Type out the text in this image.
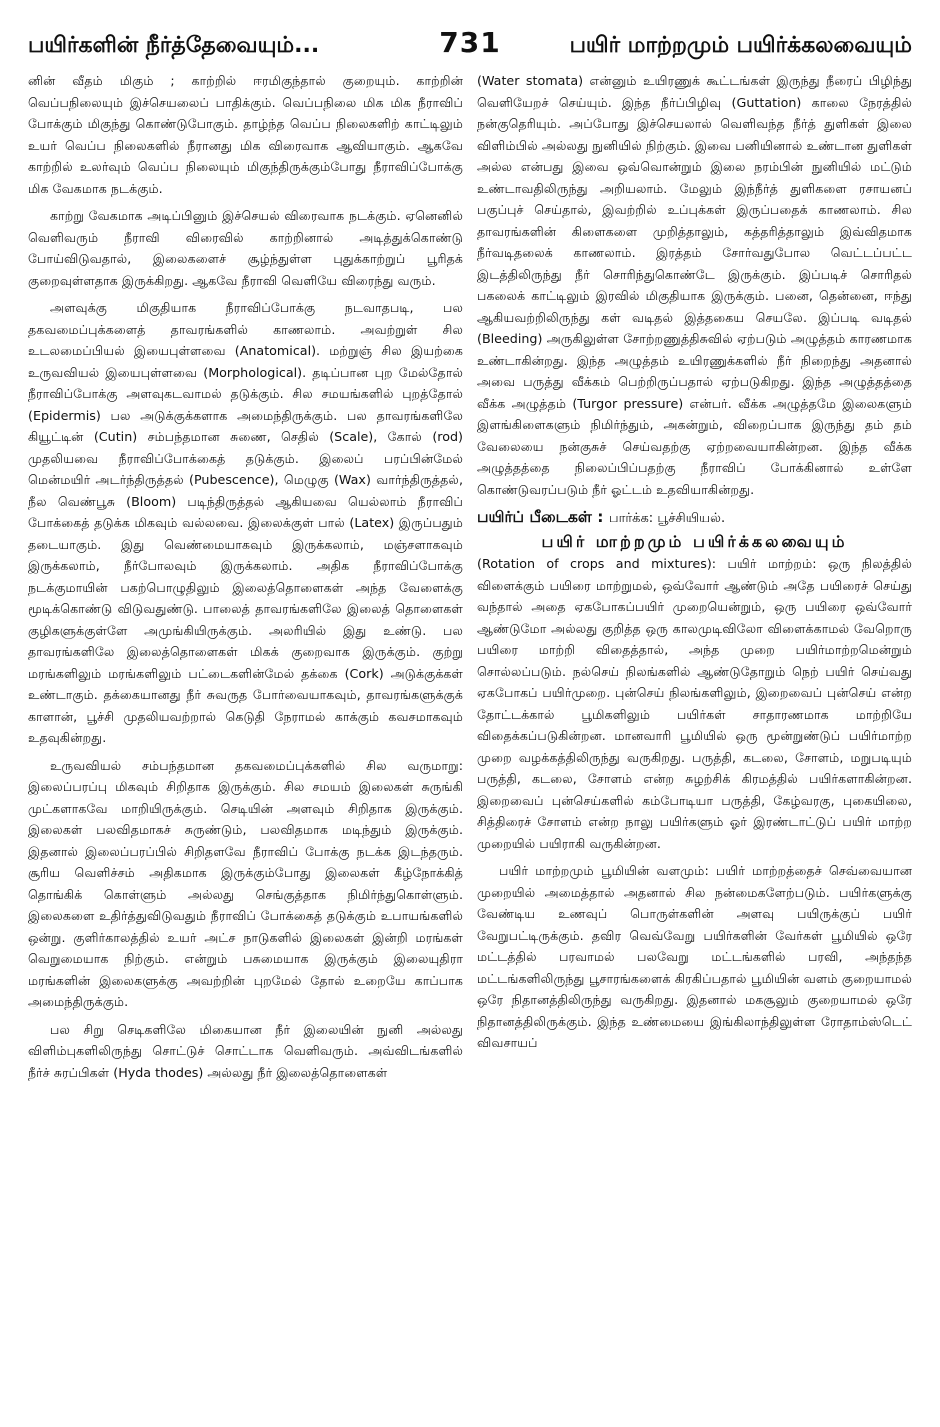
பயிர்களின் நீர்த்தேவையும்...	731	பயிர் மாற்றமும் பயிர்க்கலவையும்

னின் வீதம் மிகும் ; காற்றில் ஈரமிகுந்தால் குறையும். காற்றின் வெப்பநிலையும் இச்செயலைப் பாதிக்கும். வெப்பநிலை மிக மிக நீராவிப் போக்கும் மிகுந்து கொண்டுபோகும். தாழ்ந்த வெப்ப நிலைகளிற் காட்டிலும் உயர் வெப்ப நிலைகளில் நீரானது மிக விரைவாக ஆவியாகும். ஆகவே காற்றில் உலர்வும் வெப்ப நிலையும் மிகுந்திருக்கும்போது நீராவிப்போக்கு மிக வேகமாக நடக்கும்.

காற்று வேகமாக அடிப்பினும் இச்செயல் விரைவாக நடக்கும். ஏனெனில் வெளிவரும் நீராவி விரைவில் காற்றினால் அடித்துக்கொண்டு போய்விடுவதால், இலைகளைச் சூழ்ந்துள்ள புதுக்காற்றுப் பூரிதக் குறைவுள்ளதாக இருக்கிறது. ஆகவே நீராவி வெளியே விரைந்து வரும்.

அளவுக்கு மிகுதியாக நீராவிப்போக்கு நடவாதபடி, பல தகவமைப்புக்களைத் தாவரங்களில் காணலாம். அவற்றுள் சில உடலமைப்பியல் இயைபுள்ளவை (Anatomical). மற்றுஞ் சில இயற்கை உருவவியல் இயைபுள்ளவை (Morphological). தடிப்பான புற மேல்தோல் நீராவிப்போக்கு அளவுகடவாமல் தடுக்கும். சில சமயங்களில் புறத்தோல் (Epidermis) பல அடுக்குக்களாக அமைந்திருக்கும். பல தாவரங்களிலே கியூட்டின் (Cutin) சம்பந்தமான சுணை, செதில் (Scale), கோல் (rod) முதலியவை நீராவிப்போக்கைத் தடுக்கும். இலைப் பரப்பின்மேல் மென்மயிர் அடர்ந்திருத்தல் (Pubescence), மெழுகு (Wax) வார்ந்திருத்தல், நீல வெண்பூசு (Bloom) படிந்திருத்தல் ஆகியவை யெல்லாம் நீராவிப் போக்கைத் தடுக்க மிகவும் வல்லவை. இலைக்குள் பால் (Latex) இருப்பதும் தடையாகும். இது வெண்மையாகவும் இருக்கலாம், மஞ்சளாகவும் இருக்கலாம், நீர்போலவும் இருக்கலாம். அதிக நீராவிப்போக்கு நடக்குமாயின் பகற்பொழுதிலும் இலைத்தொளைகள் அந்த வேளைக்கு மூடிக்கொண்டு விடுவதுண்டு. பாலைத் தாவரங்களிலே இலைத் தொளைகள் குழிகளுக்குள்ளே அமுங்கியிருக்கும். அலரியில் இது உண்டு. பல தாவரங்களிலே இலைத்தொளைகள் மிகக் குறைவாக இருக்கும். குற்று மரங்களிலும் மரங்களிலும் பட்டைகளின்மேல் தக்கை (Cork) அடுக்குக்கள் உண்டாகும். தக்கையானது நீர் சுவருத போர்வையாகவும், தாவரங்களுக்குக் காளான், பூச்சி முதலியவற்றால் கெடுதி நேராமல் காக்கும் கவசமாகவும் உதவுகின்றது.

உருவவியல் சம்பந்தமான தகவமைப்புக்களில் சில வருமாறு: இலைப்பரப்பு மிகவும் சிறிதாக இருக்கும். சில சமயம் இலைகள் சுருங்கி முட்களாகவே மாறியிருக்கும். செடியின் அளவும் சிறிதாக இருக்கும். இலைகள் பலவிதமாகச் சுருண்டும், பலவிதமாக மடிந்தும் இருக்கும். இதனால் இலைப்பரப்பில் சிறிதளவே நீராவிப் போக்கு நடக்க இடந்தரும். சூரிய வெளிச்சம் அதிகமாக இருக்கும்போது இலைகள் கீழ்நோக்கித் தொங்கிக் கொள்ளும் அல்லது செங்குத்தாக நிமிர்ந்துகொள்ளும். இலைகளை உதிர்த்துவிடுவதும் நீராவிப் போக்கைத் தடுக்கும் உபாயங்களில் ஒன்று. குளிர்காலத்தில் உயர் அட்ச நாடுகளில் இலைகள் இன்றி மரங்கள் வெறுமையாக நிற்கும். என்றும் பசுமையாக இருக்கும் இலையுதிரா மரங்களின் இலைகளுக்கு அவற்றின் புறமேல் தோல் உறையே காப்பாக அமைந்திருக்கும்.

பல சிறு செடிகளிலே மிகையான நீர் இலையின் நுனி அல்லது விளிம்புகளிலிருந்து சொட்டுச் சொட்டாக வெளிவரும். அவ்விடங்களில் நீர்ச் சுரப்பிகள் (Hyda thodes) அல்லது நீர் இலைத்தொளைகள்

(Water stomata) என்னும் உயிரணுக் கூட்டங்கள் இருந்து நீரைப் பிழிந்து வெளியேறச் செய்யும். இந்த நீர்ப்பிழிவு (Guttation) காலை நேரத்தில் நன்குதெரியும். அப்போது இச்செயலால் வெளிவந்த நீர்த் துளிகள் இலை விளிம்பில் அல்லது நுனியில் நிற்கும். இவை பனியினால் உண்டான துளிகள் அல்ல என்பது இவை ஒவ்வொன்றும் இலை நரம்பின் நுனியில் மட்டும் உண்டாவதிலிருந்து அறியலாம். மேலும் இந்நீர்த் துளிகளை ரசாயனப் பகுப்புச் செய்தால், இவற்றில் உப்புக்கள் இருப்பதைக் காணலாம். சில தாவரங்களின் கிளைகளை முறித்தாலும், கத்தரித்தாலும் இவ்விதமாக நீர்வடிதலைக் காணலாம். இரத்தம் சோர்வதுபோல வெட்டப்பட்ட இடத்திலிருந்து நீர் சொரிந்துகொண்டே இருக்கும். இப்படிச் சொரிதல் பகலைக் காட்டிலும் இரவில் மிகுதியாக இருக்கும். பனை, தென்னை, ஈந்து ஆகியவற்றிலிருந்து கள் வடிதல் இத்தகைய செயலே. இப்படி வடிதல் (Bleeding) அருகிலுள்ள சோற்றணுத்திசுவில் ஏற்படும் அழுத்தம் காரணமாக உண்டாகின்றது. இந்த அழுத்தம் உயிரணுக்களில் நீர் நிறைந்து அதனால் அவை பருத்து வீக்கம் பெற்றிருப்பதால் ஏற்படுகிறது. இந்த அழுத்தத்தை வீக்க அழுத்தம் (Turgor pressure) என்பர். வீக்க அழுத்தமே இலைகளும் இளங்கிளைகளும் நிமிர்ந்தும், அகன்றும், விறைப்பாக இருந்து தம் தம் வேலையை நன்குசுச் செய்வதற்கு ஏற்றவையாகின்றன. இந்த வீக்க அழுத்தத்தை நிலைப்பிப்பதற்கு நீராவிப் போக்கினால் உள்ளே கொண்டுவரப்படும் நீர் ஓட்டம் உதவியாகின்றது.

பயிர்ப் பீடைகள் : பார்க்க: பூச்சியியல்.
பயிர் மாற்றமும் பயிர்க்கலவையும்

(Rotation of crops and mixtures): பயிர் மாற்றம்: ஒரு நிலத்தில் விளைக்கும் பயிரை மாற்றுமல், ஒவ்வோர் ஆண்டும் அதே பயிரைச் செய்து வந்தால் அதை ஏகபோகப்பயிர் முறையென்றும், ஒரு பயிரை ஒவ்வோர் ஆண்டுமோ அல்லது குறித்த ஒரு காலமுடிவிலோ விளைக்காமல் வேறொரு பயிரை மாற்றி விதைத்தால், அந்த முறை பயிர்மாற்றமென்றும் சொல்லப்படும். நல்செய் நிலங்களில் ஆண்டுதோறும் நெற் பயிர் செய்வது ஏகபோகப் பயிர்முறை. புன்செய் நிலங்களிலும், இறைவைப் புன்செய் என்ற தோட்டக்கால் பூமிகளிலும் பயிர்கள் சாதாரணமாக மாற்றியே விதைக்கப்படுகின்றன. மானவாரி பூமியில் ஒரு மூன்றுண்டுப் பயிர்மாற்ற முறை வழக்கத்திலிருந்து வருகிறது. பருத்தி, கடலை, சோளம், மறுபடியும் பருத்தி, கடலை, சோளம் என்ற சுழற்சிக் கிரமத்தில் பயிர்களாகின்றன. இறைவைப் புன்செய்களில் கம்போடியா பருத்தி, கேழ்வரகு, புகையிலை, சித்திரைச் சோளம் என்ற நாலு பயிர்களும் ஓர் இரண்டாட்டுப் பயிர் மாற்ற முறையில் பயிராகி வருகின்றன.

பயிர் மாற்றமும் பூமியின் வளமும்: பயிர் மாற்றத்தைச் செவ்வையான முறையில் அமைத்தால் அதனால் சில நன்மைகளேற்படும். பயிர்களுக்கு வேண்டிய உணவுப் பொருள்களின் அளவு பயிருக்குப் பயிர் வேறுபட்டிருக்கும். தவிர வெவ்வேறு பயிர்களின் வேர்கள் பூமியில் ஒரே மட்டத்தில் பரவாமல் பலவேறு மட்டங்களில் பரவி, அந்தந்த மட்டங்களிலிருந்து பூசாரங்களைக் கிரகிப்பதால் பூமியின் வளம் குறையாமல் ஒரே நிதானத்திலிருந்து வருகிறது. இதனால் மகசூலும் குறையாமல் ஒரே நிதானத்திலிருக்கும். இந்த உண்மையை இங்கிலாந்திலுள்ள ரோதாம்ஸ்டெட் விவசாயப்
